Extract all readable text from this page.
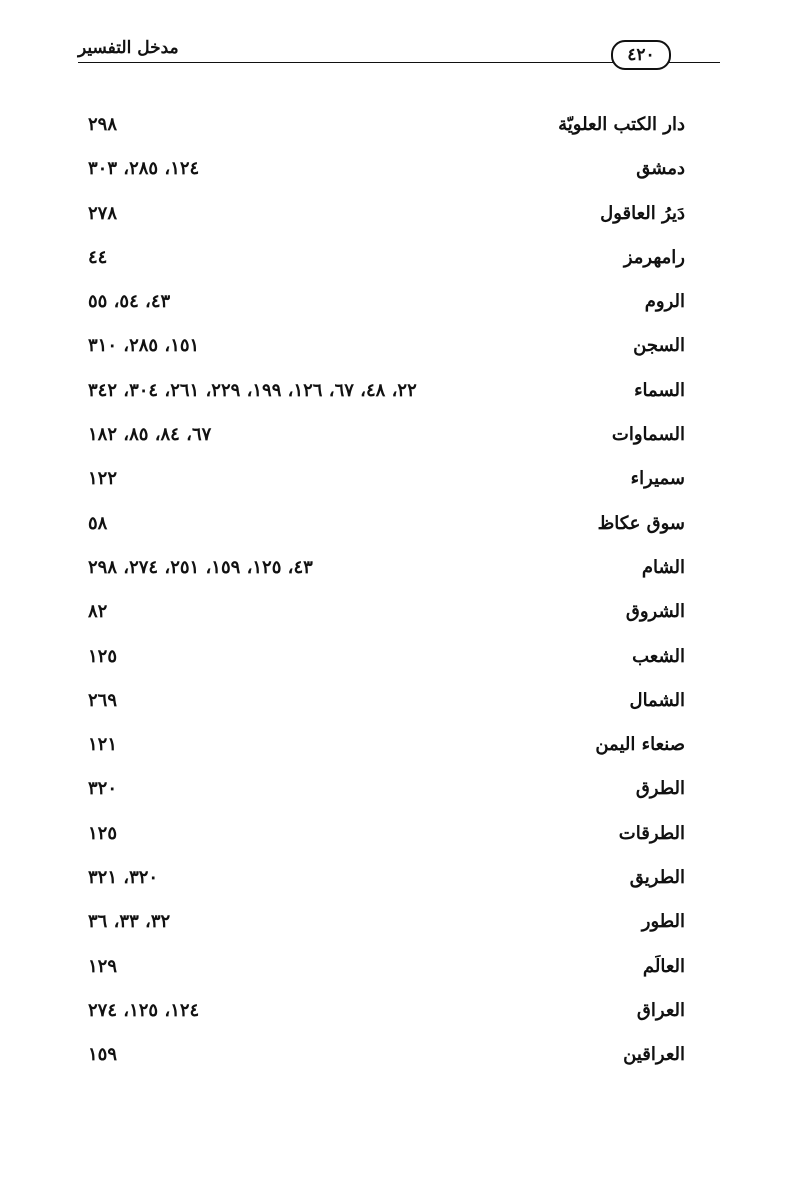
مدخل التفسير	٤٢٠
دار الكتب العلويّة
٢٩٨
دمشق
١٢٤، ٢٨٥، ٣٠٣
دَيرُ العاقول
٢٧٨
رامهرمز
٤٤
الروم
٤٣، ٥٤، ٥٥
السجن
١٥١، ٢٨٥، ٣١٠
السماء
٢٢، ٤٨، ٦٧، ١٢٦، ١٩٩، ٢٢٩، ٢٦١، ٣٠٤، ٣٤٢
السماوات
٦٧، ٨٤، ٨٥، ١٨٢
سميراء
١٢٢
سوق عكاظ
٥٨
الشام
٤٣، ١٢٥، ١٥٩، ٢٥١، ٢٧٤، ٢٩٨
الشروق
٨٢
الشعب
١٢٥
الشمال
٢٦٩
صنعاء اليمن
١٢١
الطرق
٣٢٠
الطرقات
١٢٥
الطريق
٣٢٠، ٣٢١
الطور
٣٢، ٣٣، ٣٦
العالَم
١٢٩
العراق
١٢٤، ١٢٥، ٢٧٤
العراقين
١٥٩
